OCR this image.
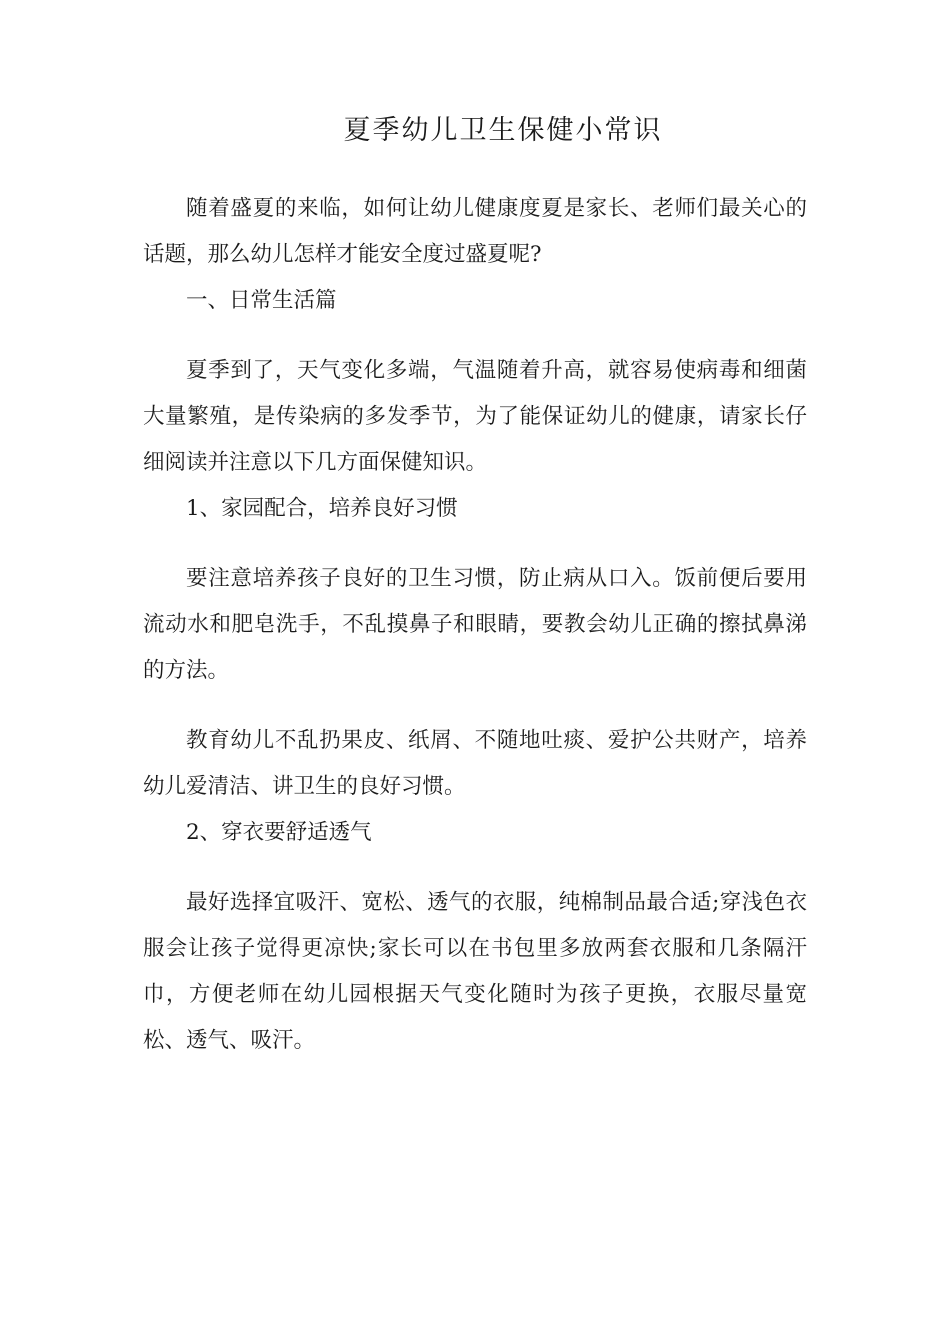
夏季幼儿卫生保健小常识

随着盛夏的来临，如何让幼儿健康度夏是家长、老师们最关心的话题，那么幼儿怎样才能安全度过盛夏呢?

一、日常生活篇

夏季到了，天气变化多端，气温随着升高，就容易使病毒和细菌大量繁殖，是传染病的多发季节，为了能保证幼儿的健康，请家长仔细阅读并注意以下几方面保健知识。

1、家园配合，培养良好习惯

要注意培养孩子良好的卫生习惯，防止病从口入。饭前便后要用流动水和肥皂洗手，不乱摸鼻子和眼睛，要教会幼儿正确的擦拭鼻涕的方法。

教育幼儿不乱扔果皮、纸屑、不随地吐痰、爱护公共财产，培养幼儿爱清洁、讲卫生的良好习惯。

2、穿衣要舒适透气

最好选择宜吸汗、宽松、透气的衣服，纯棉制品最合适;穿浅色衣服会让孩子觉得更凉快;家长可以在书包里多放两套衣服和几条隔汗巾，方便老师在幼儿园根据天气变化随时为孩子更换，衣服尽量宽松、透气、吸汗。
